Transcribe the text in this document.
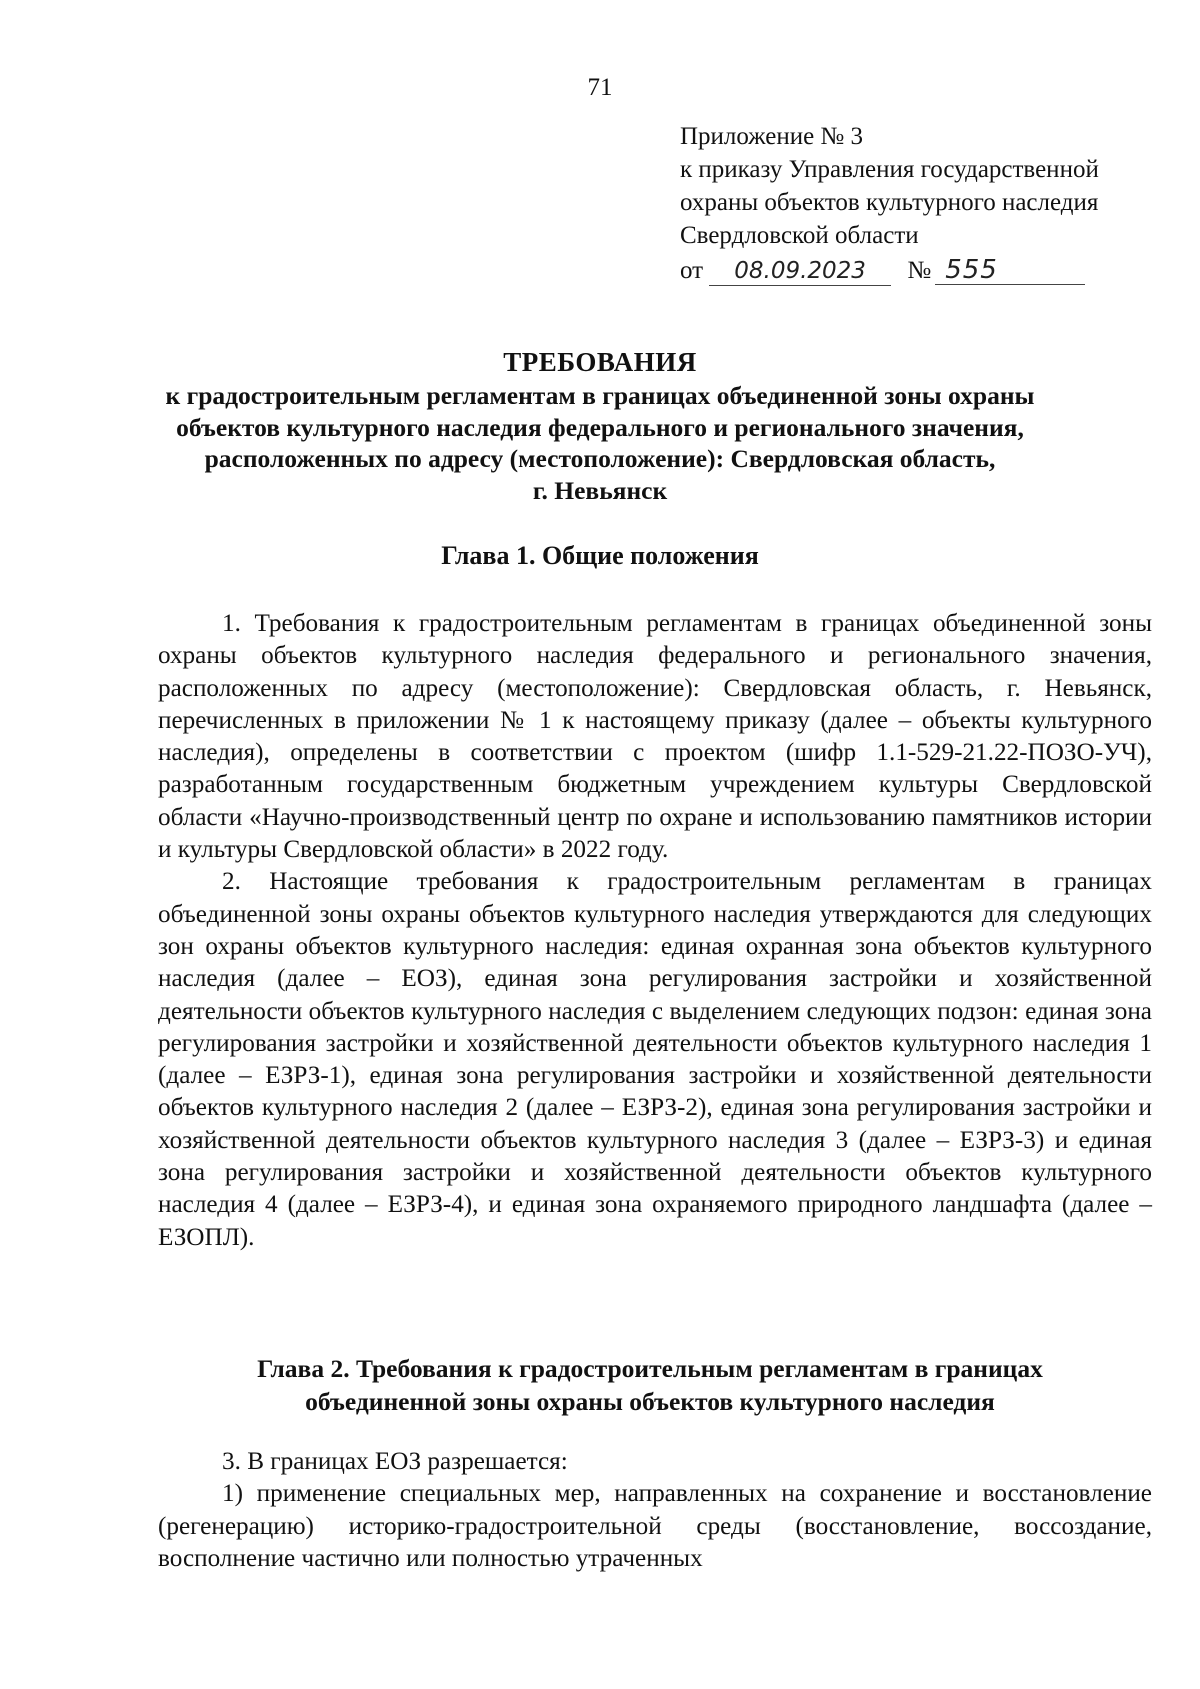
71
Приложение № 3
к приказу Управления государственной
охраны объектов культурного наследия
Свердловской области
от 08.09.2023 № 555
ТРЕБОВАНИЯ
к градостроительным регламентам в границах объединенной зоны охраны
объектов культурного наследия федерального и регионального значения,
расположенных по адресу (местоположение): Свердловская область,
г. Невьянск
Глава 1. Общие положения

1. Требования к градостроительным регламентам в границах объединенной зоны охраны объектов культурного наследия федерального и регионального значения, расположенных по адресу (местоположение): Свердловская область, г. Невьянск, перечисленных в приложении № 1 к настоящему приказу (далее – объекты культурного наследия), определены в соответствии с проектом (шифр 1.1-529-21.22-ПОЗО-УЧ), разработанным государственным бюджетным учреждением культуры Свердловской области «Научно-производственный центр по охране и использованию памятников истории и культуры Свердловской области» в 2022 году.

2. Настоящие требования к градостроительным регламентам в границах объединенной зоны охраны объектов культурного наследия утверждаются для следующих зон охраны объектов культурного наследия: единая охранная зона объектов культурного наследия (далее – ЕОЗ), единая зона регулирования застройки и хозяйственной деятельности объектов культурного наследия с выделением следующих подзон: единая зона регулирования застройки и хозяйственной деятельности объектов культурного наследия 1 (далее – ЕЗРЗ-1), единая зона регулирования застройки и хозяйственной деятельности объектов культурного наследия 2 (далее – ЕЗРЗ-2), единая зона регулирования застройки и хозяйственной деятельности объектов культурного наследия 3 (далее – ЕЗРЗ-3) и единая зона регулирования застройки и хозяйственной деятельности объектов культурного наследия 4 (далее – ЕЗРЗ-4), и единая зона охраняемого природного ландшафта (далее – ЕЗОПЛ).

Глава 2. Требования к градостроительным регламентам в границах
объединенной зоны охраны объектов культурного наследия

3. В границах ЕОЗ разрешается:

1) применение специальных мер, направленных на сохранение и восстановление (регенерацию) историко-градостроительной среды (восстановление, воссоздание, восполнение частично или полностью утраченных
